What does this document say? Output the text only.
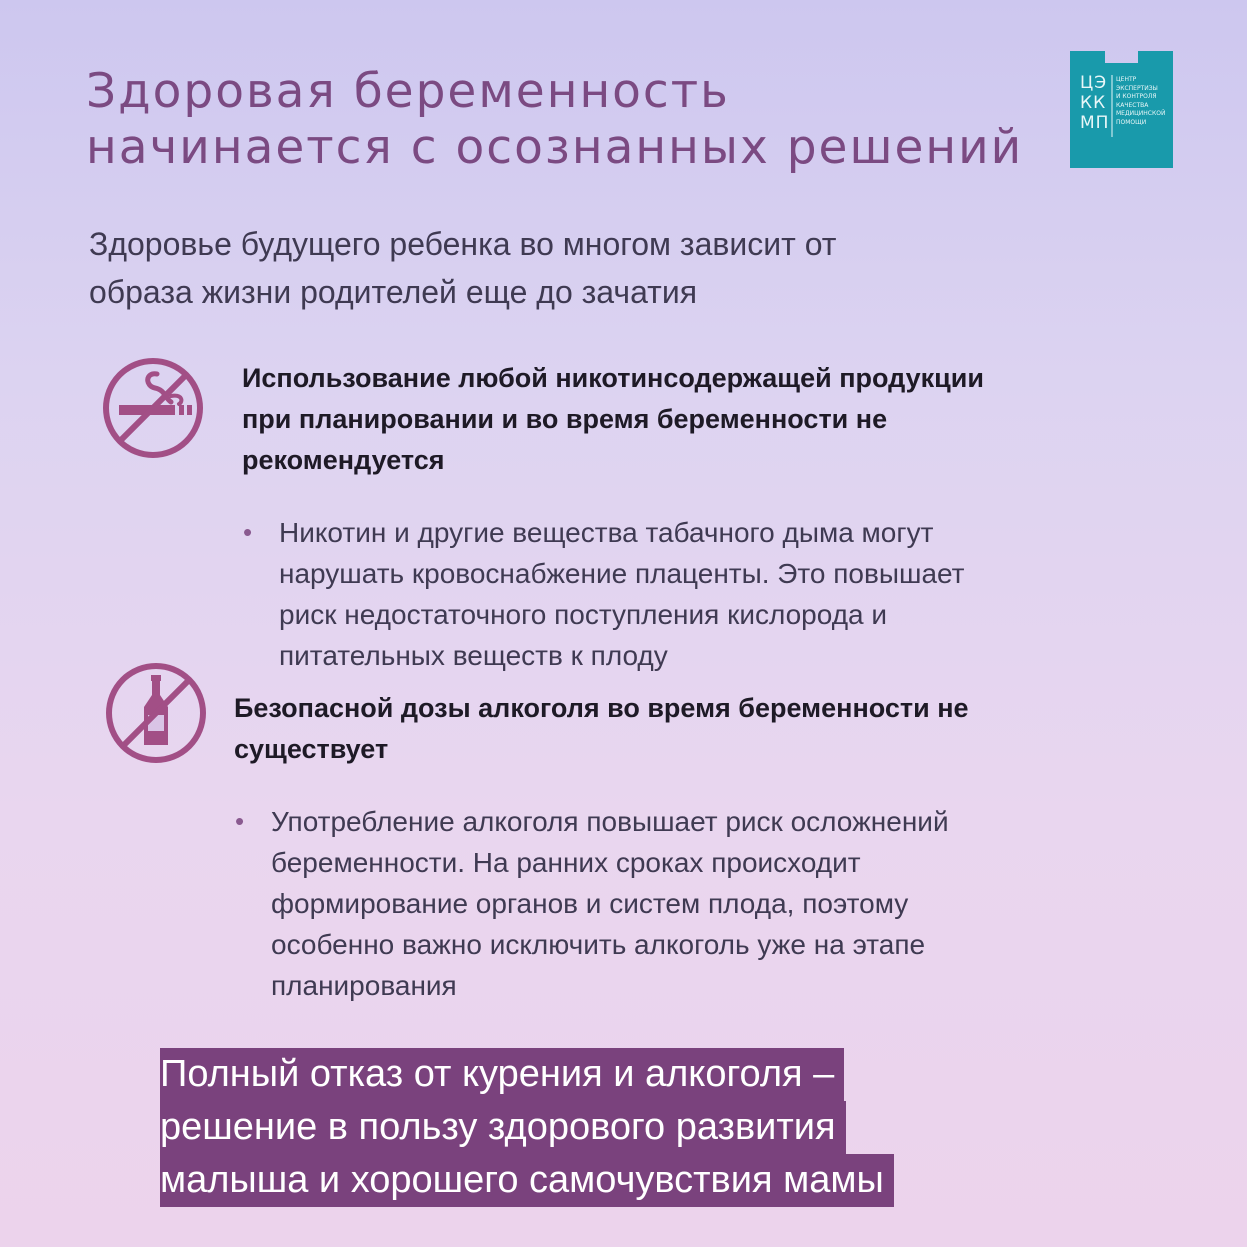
Здоровая беременность
начинается с осознанных решений
ЦЭ
КК
МП
ЦЕНТР
ЭКСПЕРТИЗЫ
И КОНТРОЛЯ
КАЧЕСТВА
МЕДИЦИНСКОЙ
ПОМОЩИ

Здоровье будущего ребенка во многом зависит от
образа жизни родителей еще до зачатия

Использование любой никотинсодержащей продукции
при планировании и во время беременности не
рекомендуется
• Никотин и другие вещества табачного дыма могут
нарушать кровоснабжение плаценты. Это повышает
риск недостаточного поступления кислорода и
питательных веществ к плоду
Безопасной дозы алкоголя во время беременности не
существует
• Употребление алкоголя повышает риск осложнений
беременности. На ранних сроках происходит
формирование органов и систем плода, поэтому
особенно важно исключить алкоголь уже на этапе
планирования
Полный отказ от курения и алкоголя –
решение в пользу здорового развития
малыша и хорошего самочувствия мамы
